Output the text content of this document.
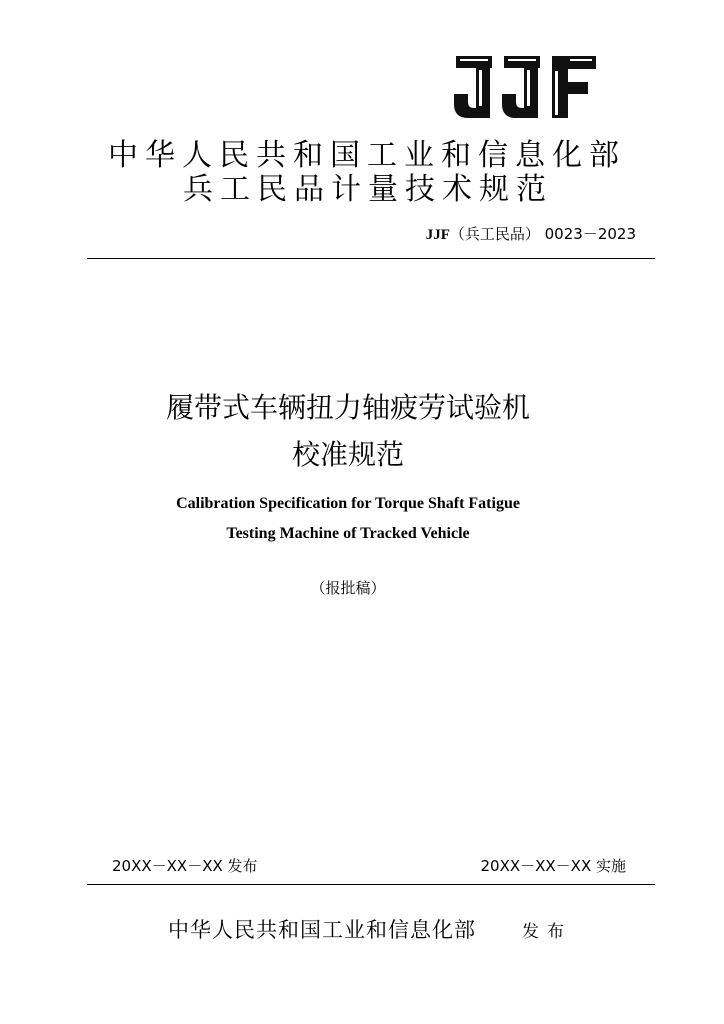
中华人民共和国工业和信息化部
兵工民品计量技术规范
JJF（兵工民品） 0023－2023
履带式车辆扭力轴疲劳试验机
校准规范
Calibration Specification for Torque Shaft Fatigue
Testing Machine of Tracked Vehicle
（报批稿）
20XX－XX－XX 发布	20XX－XX－XX 实施
中华人民共和国工业和信息化部	发布
